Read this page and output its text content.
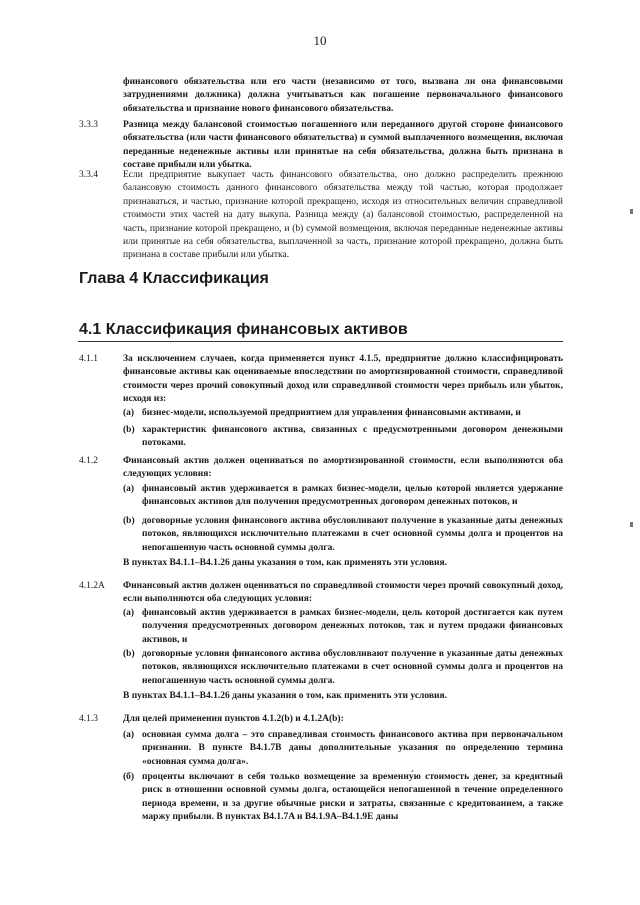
10
финансового обязательства или его части (независимо от того, вызвана ли она финансовыми затруднениями должника) должна учитываться как погашение первоначального финансового обязательства и признание нового финансового обязательства.
3.3.3	Разница между балансовой стоимостью погашенного или переданного другой стороне финансового обязательства (или части финансового обязательства) и суммой выплаченного возмещения, включая переданные неденежные активы или принятые на себя обязательства, должна быть признана в составе прибыли или убытка.
3.3.4	Если предприятие выкупает часть финансового обязательства, оно должно распределить прежнюю балансовую стоимость данного финансового обязательства между той частью, которая продолжает признаваться, и частью, признание которой прекращено, исходя из относительных величин справедливой стоимости этих частей на дату выкупа. Разница между (a) балансовой стоимостью, распределенной на часть, признание которой прекращено, и (b) суммой возмещения, включая переданные неденежные активы или принятые на себя обязательства, выплаченной за часть, признание которой прекращено, должна быть признана в составе прибыли или убытка.
Глава 4 Классификация
4.1 Классификация финансовых активов
4.1.1	За исключением случаев, когда применяется пункт 4.1.5, предприятие должно классифицировать финансовые активы как оцениваемые впоследствии по амортизированной стоимости, справедливой стоимости через прочий совокупный доход или справедливой стоимости через прибыль или убыток, исходя из:
(a) бизнес-модели, используемой предприятием для управления финансовыми активами, и
(b) характеристик финансового актива, связанных с предусмотренными договором денежными потоками.
4.1.2	Финансовый актив должен оцениваться по амортизированной стоимости, если выполняются оба следующих условия:
(a) финансовый актив удерживается в рамках бизнес-модели, целью которой является удержание финансовых активов для получения предусмотренных договором денежных потоков, и
(b) договорные условия финансового актива обусловливают получение в указанные даты денежных потоков, являющихся исключительно платежами в счет основной суммы долга и процентов на непогашенную часть основной суммы долга.
В пунктах B4.1.1–B4.1.26 даны указания о том, как применять эти условия.
4.1.2A Финансовый актив должен оцениваться по справедливой стоимости через прочий совокупный доход, если выполняются оба следующих условия:
(a) финансовый актив удерживается в рамках бизнес-модели, цель которой достигается как путем получения предусмотренных договором денежных потоков, так и путем продажи финансовых активов, и
(b) договорные условия финансового актива обусловливают получение в указанные даты денежных потоков, являющихся исключительно платежами в счет основной суммы долга и процентов на непогашенную часть основной суммы долга.
В пунктах B4.1.1–B4.1.26 даны указания о том, как применять эти условия.
4.1.3	Для целей применения пунктов 4.1.2(b) и 4.1.2A(b):
(a) основная сумма долга – это справедливая стоимость финансового актива при первоначальном признании. В пункте B4.1.7B даны дополнительные указания по определению термина «основная сумма долга».
(б) проценты включают в себя только возмещение за временну́ю стоимость денег, за кредитный риск в отношении основной суммы долга, остающейся непогашенной в течение определенного периода времени, и за другие обычные риски и затраты, связанные с кредитованием, а также маржу прибыли. В пунктах B4.1.7A и B4.1.9A–B4.1.9E даны
